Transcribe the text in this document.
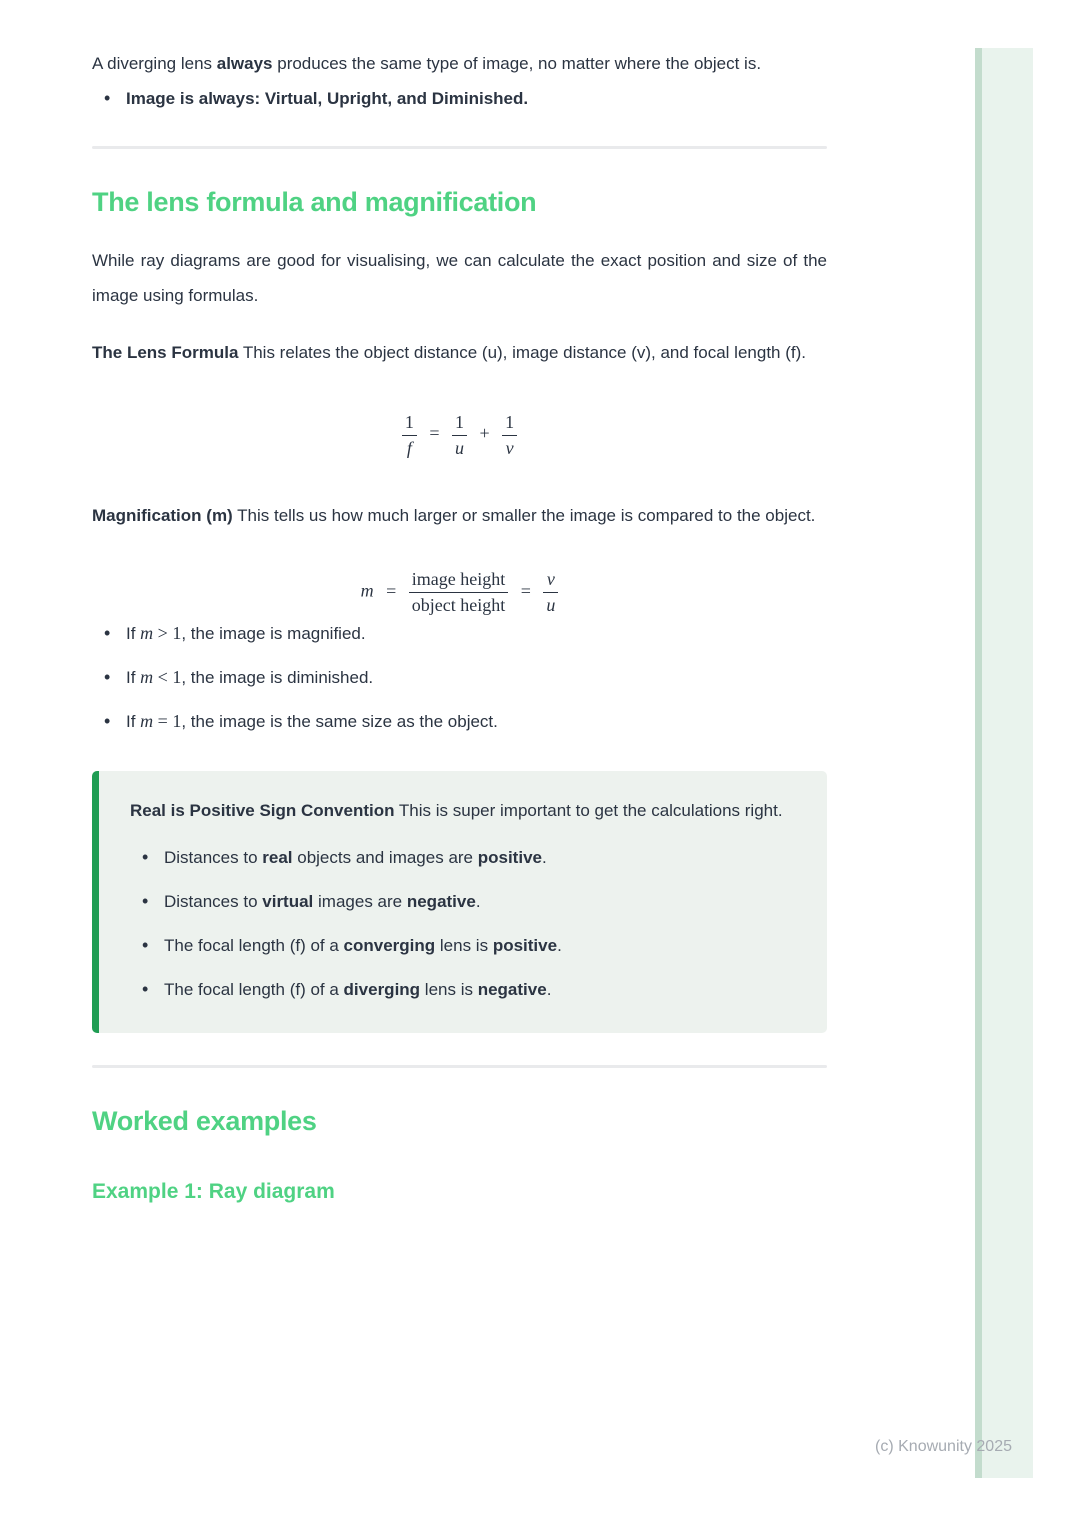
A diverging lens always produces the same type of image, no matter where the object is.

• Image is always: Virtual, Upright, and Diminished.
The lens formula and magnification

While ray diagrams are good for visualising, we can calculate the exact position and size of the image using formulas.

The Lens Formula This relates the object distance (u), image distance (v), and focal length (f).

$\frac{1}{f} = \frac{1}{u} + \frac{1}{v}$

Magnification (m) This tells us how much larger or smaller the image is compared to the object.

$m = \frac{\text{image height}}{\text{object height}} = \frac{v}{u}$
• If m > 1, the image is magnified.
• If m < 1, the image is diminished.
• If m = 1, the image is the same size as the object.

Real is Positive Sign Convention This is super important to get the calculations right.

• Distances to real objects and images are positive.
• Distances to virtual images are negative.
• The focal length (f) of a converging lens is positive.
• The focal length (f) of a diverging lens is negative.
Worked examples
Example 1: Ray diagram
(c) Knowunity 2025
